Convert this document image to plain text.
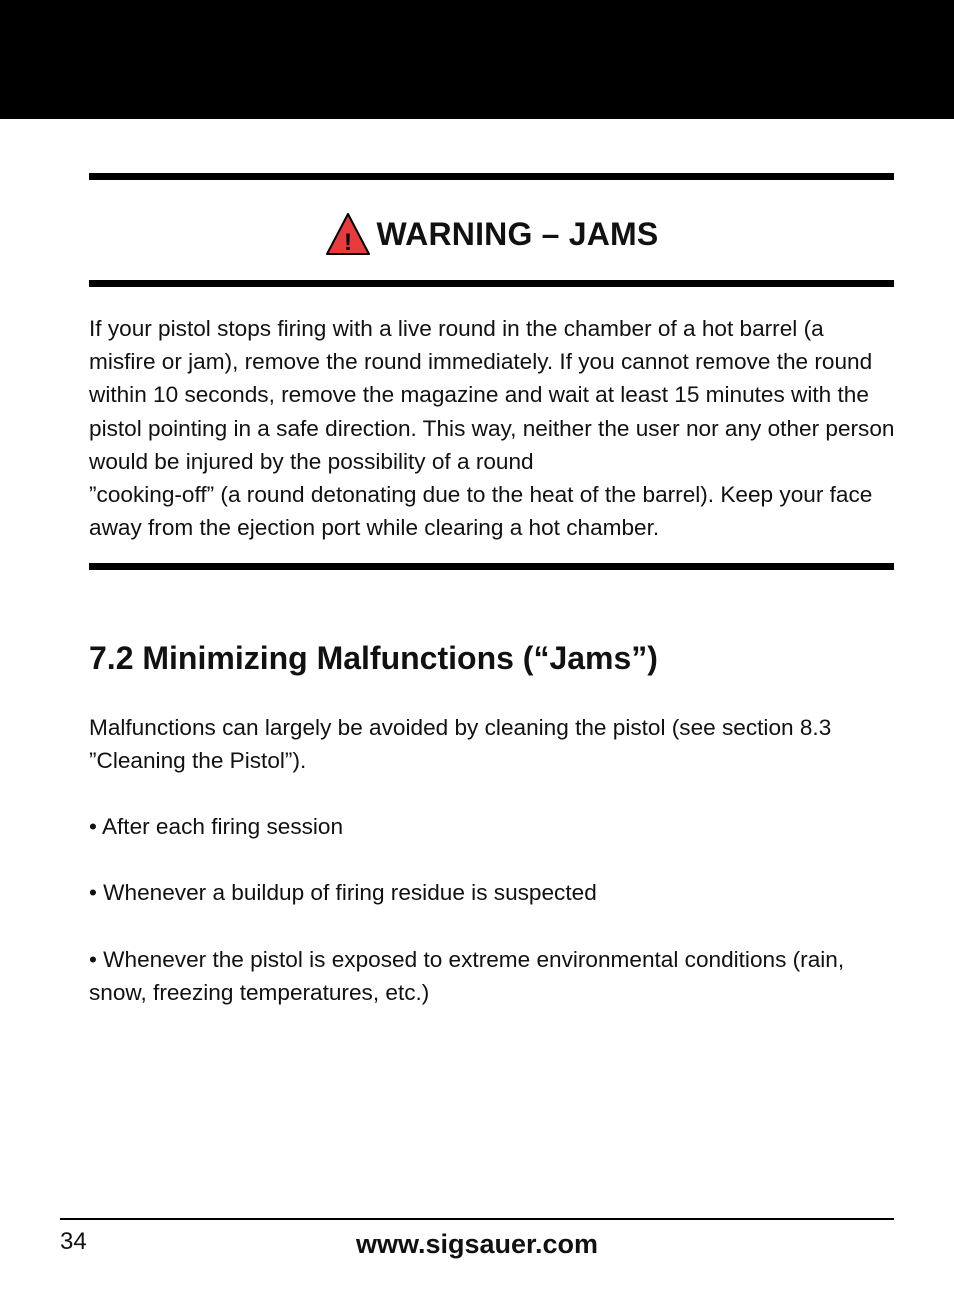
! WARNING – JAMS

If your pistol stops firing with a live round in the chamber of a hot barrel (a misfire or jam), remove the round immediately. If you cannot remove the round within 10 seconds, remove the magazine and wait at least 15 minutes with the pistol pointing in a safe direction. This way, neither the user nor any other person would be injured by the possibility of a round
”cooking-off” (a round detonating due to the heat of the barrel). Keep your face away from the ejection port while clearing a hot chamber.

7.2 Minimizing Malfunctions (“Jams”)

Malfunctions can largely be avoided by cleaning the pistol (see section 8.3 ”Cleaning the Pistol”).

• After each firing session

• Whenever a buildup of firing residue is suspected

• Whenever the pistol is exposed to extreme environmental conditions (rain, snow, freezing temperatures, etc.)

34	www.sigsauer.com
